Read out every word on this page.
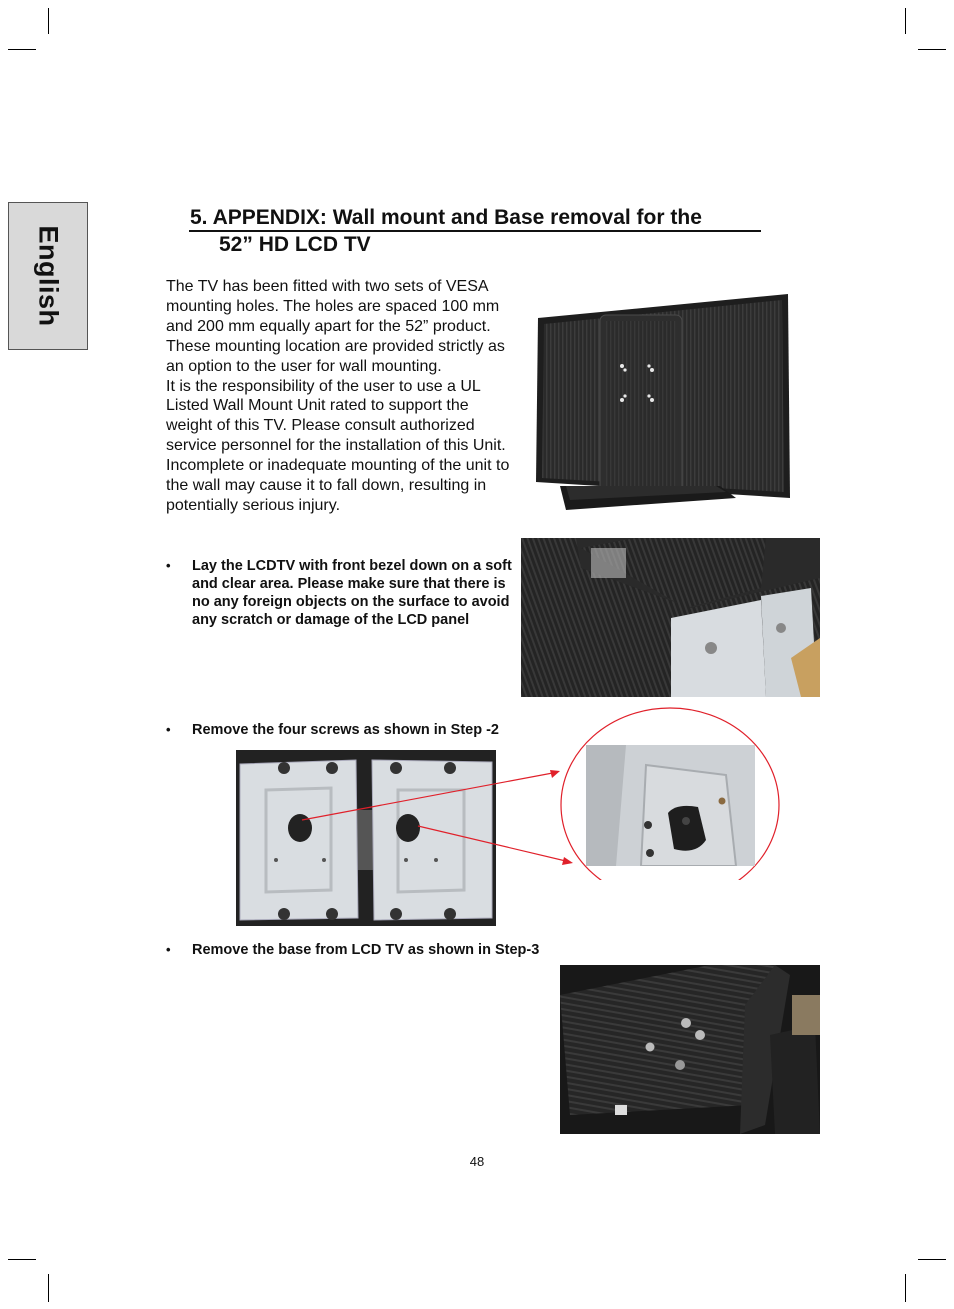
English
5. APPENDIX: Wall mount and Base removal for the
52” HD LCD TV

The TV has been fitted with two sets of VESA mounting holes. The holes are spaced 100 mm and 200 mm equally apart for the 52” product. These mounting location are provided strictly as an option to the user for wall mounting.

It is the responsibility of the user to use a UL Listed Wall Mount Unit rated to support the weight of this TV. Please consult authorized service personnel for the installation of this Unit. Incomplete or inadequate mounting of the unit to the wall may cause it to fall down, resulting in potentially serious injury.

• Lay the LCDTV with front bezel down on a soft and clear area. Please make sure that there is no any foreign objects on the surface to avoid any scratch or damage of the LCD panel
• Remove the four screws as shown in Step -2
• Remove the base from LCD TV as shown in Step-3
48
